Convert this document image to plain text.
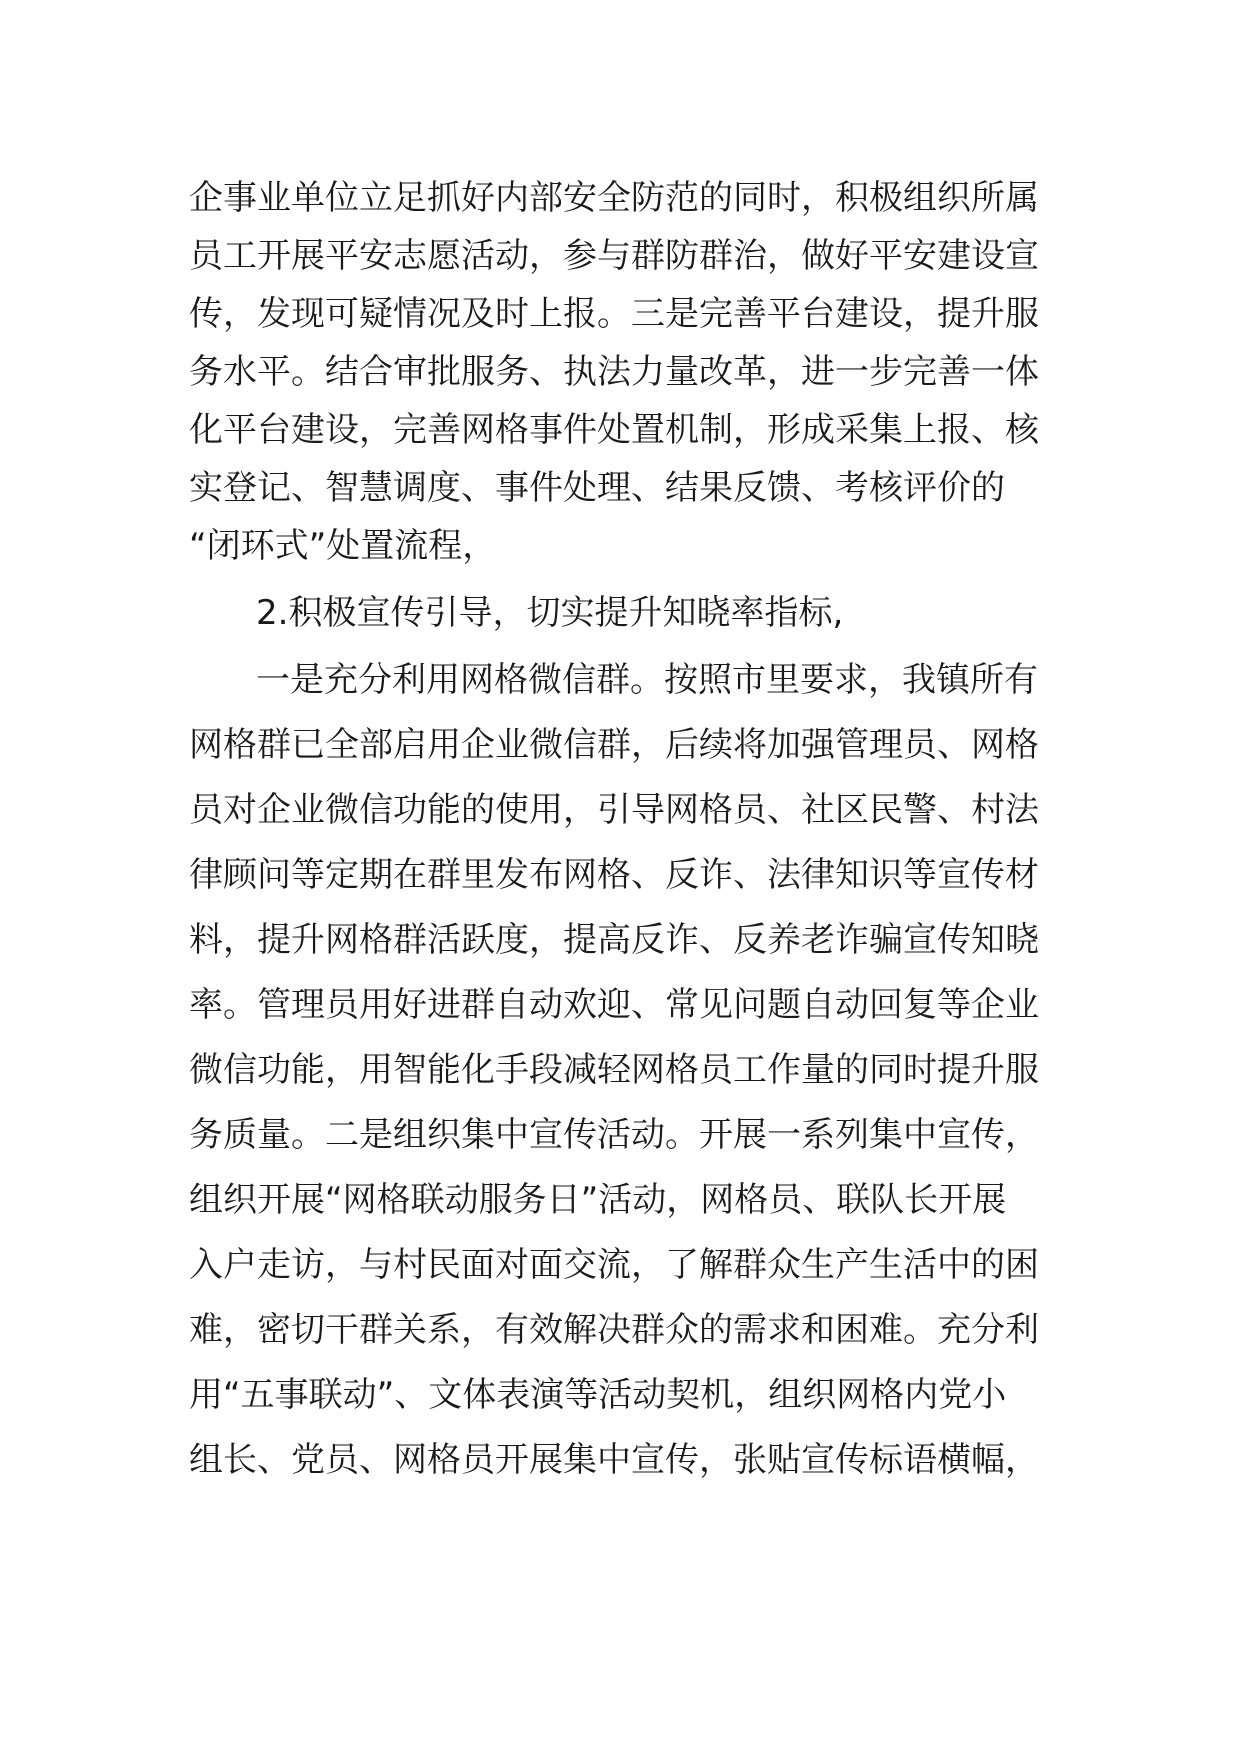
企事业单位立足抓好内部安全防范的同时，积极组织所属

员工开展平安志愿活动，参与群防群治，做好平安建设宣

传，发现可疑情况及时上报。三是完善平台建设，提升服

务水平。结合审批服务、执法力量改革，进一步完善一体

化平台建设，完善网格事件处置机制，形成采集上报、核

实登记、智慧调度、事件处理、结果反馈、考核评价的

“闭环式”处置流程，

2.积极宣传引导，切实提升知晓率指标,

一是充分利用网格微信群。按照市里要求，我镇所有

网格群已全部启用企业微信群，后续将加强管理员、网格

员对企业微信功能的使用，引导网格员、社区民警、村法

律顾问等定期在群里发布网格、反诈、法律知识等宣传材

料，提升网格群活跃度，提高反诈、反养老诈骗宣传知晓

率。管理员用好进群自动欢迎、常见问题自动回复等企业

微信功能，用智能化手段减轻网格员工作量的同时提升服

务质量。二是组织集中宣传活动。开展一系列集中宣传，

组织开展“网格联动服务日”活动，网格员、联队长开展

入户走访，与村民面对面交流，了解群众生产生活中的困

难，密切干群关系，有效解决群众的需求和困难。充分利

用“五事联动”、文体表演等活动契机，组织网格内党小

组长、党员、网格员开展集中宣传，张贴宣传标语横幅，
